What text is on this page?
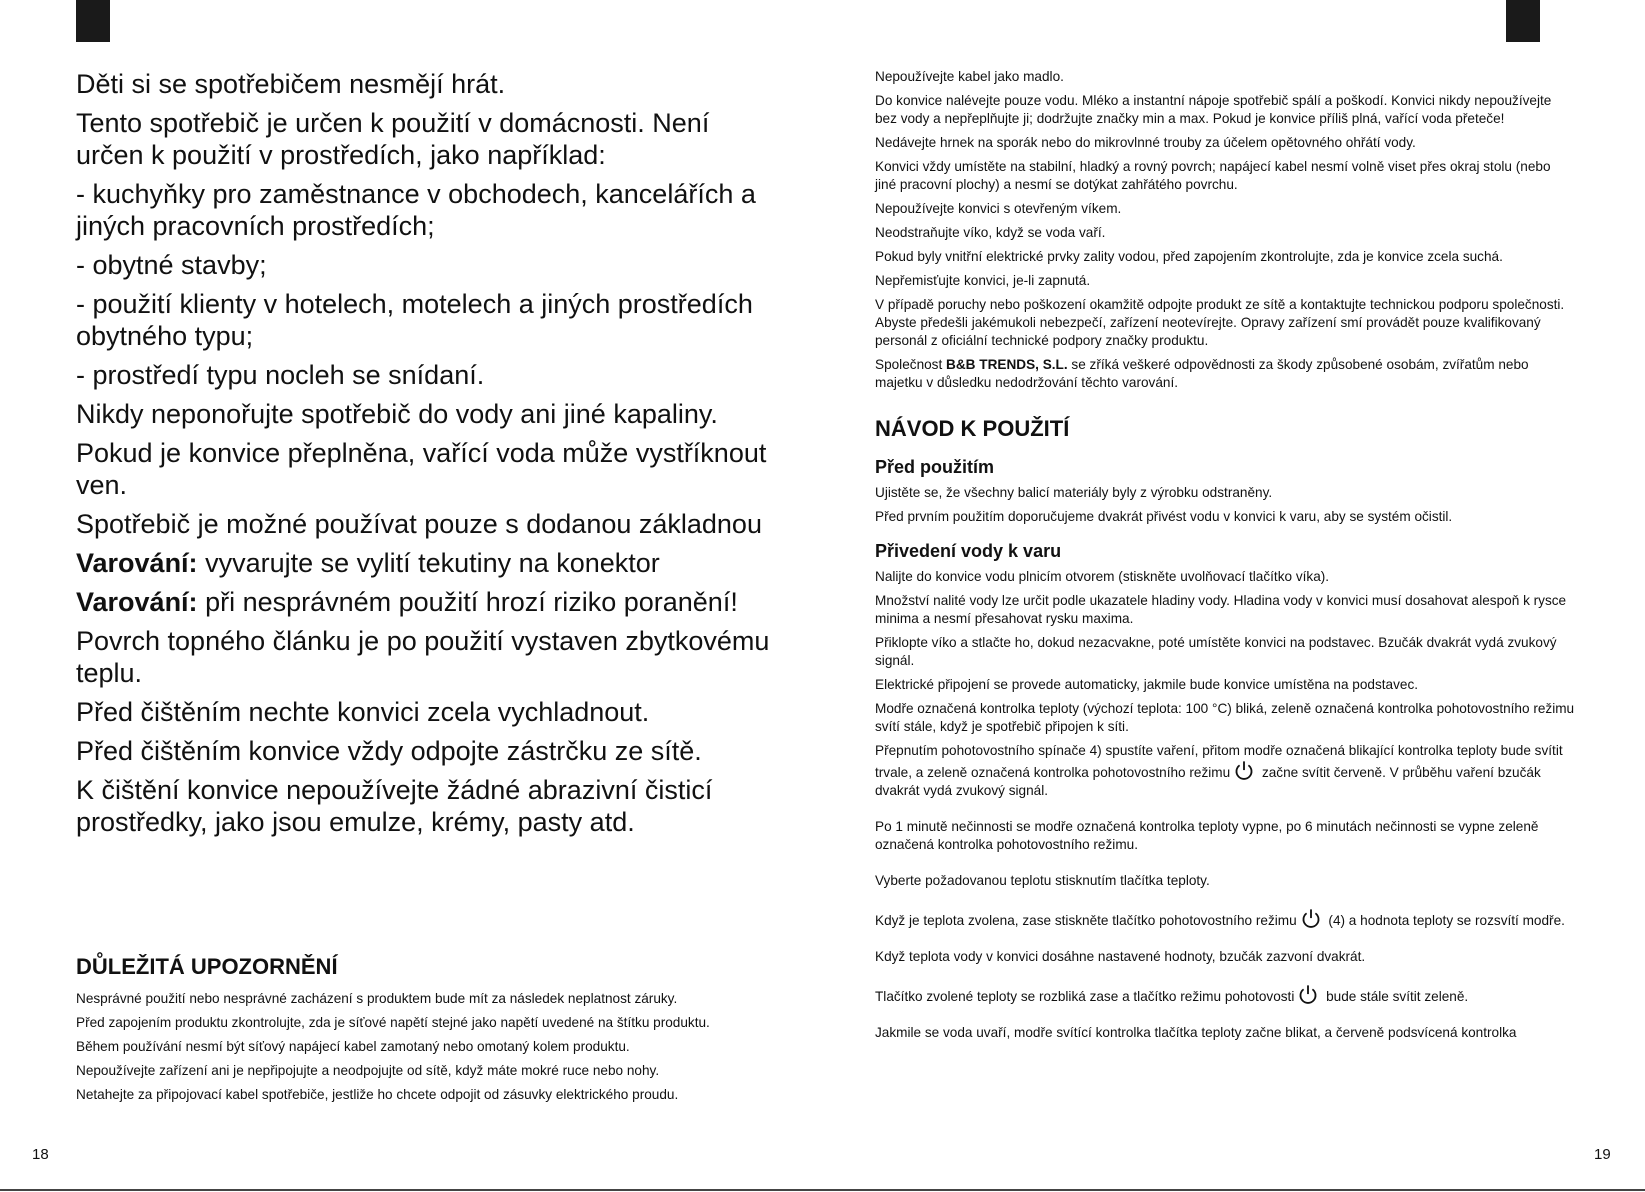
Děti si se spotřebičem nesmějí hrát.

Tento spotřebič je určen k použití v domácnosti. Není určen k použití v prostředích, jako například:

- kuchyňky pro zaměstnance v obchodech, kancelářích a jiných pracovních prostředích;

- obytné stavby;

- použití klienty v hotelech, motelech a jiných prostředích obytného typu;

- prostředí typu nocleh se snídaní.

Nikdy neponořujte spotřebič do vody ani jiné kapaliny.

Pokud je konvice přeplněna, vařící voda může vystříknout ven.

Spotřebič je možné používat pouze s dodanou základnou

Varování: vyvarujte se vylití tekutiny na konektor

Varování: při nesprávném použití hrozí riziko poranění!

Povrch topného článku je po použití vystaven zbytkovému teplu.

Před čištěním nechte konvici zcela vychladnout.

Před čištěním konvice vždy odpojte zástrčku ze sítě.

K čištění konvice nepoužívejte žádné abrazivní čisticí prostředky, jako jsou emulze, krémy, pasty atd.

DŮLEŽITÁ UPOZORNĚNÍ

Nesprávné použití nebo nesprávné zacházení s produktem bude mít za následek neplatnost záruky.

Před zapojením produktu zkontrolujte, zda je síťové napětí stejné jako napětí uvedené na štítku produktu.

Během používání nesmí být síťový napájecí kabel zamotaný nebo omotaný kolem produktu.

Nepoužívejte zařízení ani je nepřipojujte a neodpojujte od sítě, když máte mokré ruce nebo nohy.

Netahejte za připojovací kabel spotřebiče, jestliže ho chcete odpojit od zásuvky elektrického proudu.

18

Nepoužívejte kabel jako madlo.

Do konvice nalévejte pouze vodu. Mléko a instantní nápoje spotřebič spálí a poškodí. Konvici nikdy nepoužívejte bez vody a nepřeplňujte ji; dodržujte značky min a max. Pokud je konvice příliš plná, vařící voda přeteče!

Nedávejte hrnek na sporák nebo do mikrovlnné trouby za účelem opětovného ohřátí vody.

Konvici vždy umístěte na stabilní, hladký a rovný povrch; napájecí kabel nesmí volně viset přes okraj stolu (nebo jiné pracovní plochy) a nesmí se dotýkat zahřátého povrchu.

Nepoužívejte konvici s otevřeným víkem.

Neodstraňujte víko, když se voda vaří.

Pokud byly vnitřní elektrické prvky zality vodou, před zapojením zkontrolujte, zda je konvice zcela suchá.

Nepřemisťujte konvici, je-li zapnutá.

V případě poruchy nebo poškození okamžitě odpojte produkt ze sítě a kontaktujte technickou podporu společnosti. Abyste předešli jakémukoli nebezpečí, zařízení neotevírejte. Opravy zařízení smí provádět pouze kvalifikovaný personál z oficiální technické podpory značky produktu.

Společnost B&B TRENDS, S.L. se zříká veškeré odpovědnosti za škody způsobené osobám, zvířatům nebo majetku v důsledku nedodržování těchto varování.

NÁVOD K POUŽITÍ
Před použitím

Ujistěte se, že všechny balicí materiály byly z výrobku odstraněny.

Před prvním použitím doporučujeme dvakrát přivést vodu v konvici k varu, aby se systém očistil.

Přivedení vody k varu

Nalijte do konvice vodu plnicím otvorem (stiskněte uvolňovací tlačítko víka).

Množství nalité vody lze určit podle ukazatele hladiny vody. Hladina vody v konvici musí dosahovat alespoň k rysce minima a nesmí přesahovat rysku maxima.

Přiklopte víko a stlačte ho, dokud nezacvakne, poté umístěte konvici na podstavec. Bzučák dvakrát vydá zvukový signál.

Elektrické připojení se provede automaticky, jakmile bude konvice umístěna na podstavec.

Modře označená kontrolka teploty (výchozí teplota: 100 °C) bliká, zeleně označená kontrolka pohotovostního režimu svítí stále, když je spotřebič připojen k síti.

Přepnutím pohotovostního spínače 4) spustíte vaření, přitom modře označená blikající kontrolka teploty bude svítit trvale, a zeleně označená kontrolka pohotovostního režimu začne svítit červeně. V průběhu vaření bzučák dvakrát vydá zvukový signál.

Po 1 minutě nečinnosti se modře označená kontrolka teploty vypne, po 6 minutách nečinnosti se vypne zeleně označená kontrolka pohotovostního režimu.

Vyberte požadovanou teplotu stisknutím tlačítka teploty.

Když je teplota zvolena, zase stiskněte tlačítko pohotovostního režimu (4) a hodnota teploty se rozsvítí modře.

Když teplota vody v konvici dosáhne nastavené hodnoty, bzučák zazvoní dvakrát.

Tlačítko zvolené teploty se rozbliká zase a tlačítko režimu pohotovosti bude stále svítit zeleně.

Jakmile se voda uvaří, modře svítící kontrolka tlačítka teploty začne blikat, a červeně podsvícená kontrolka

19
